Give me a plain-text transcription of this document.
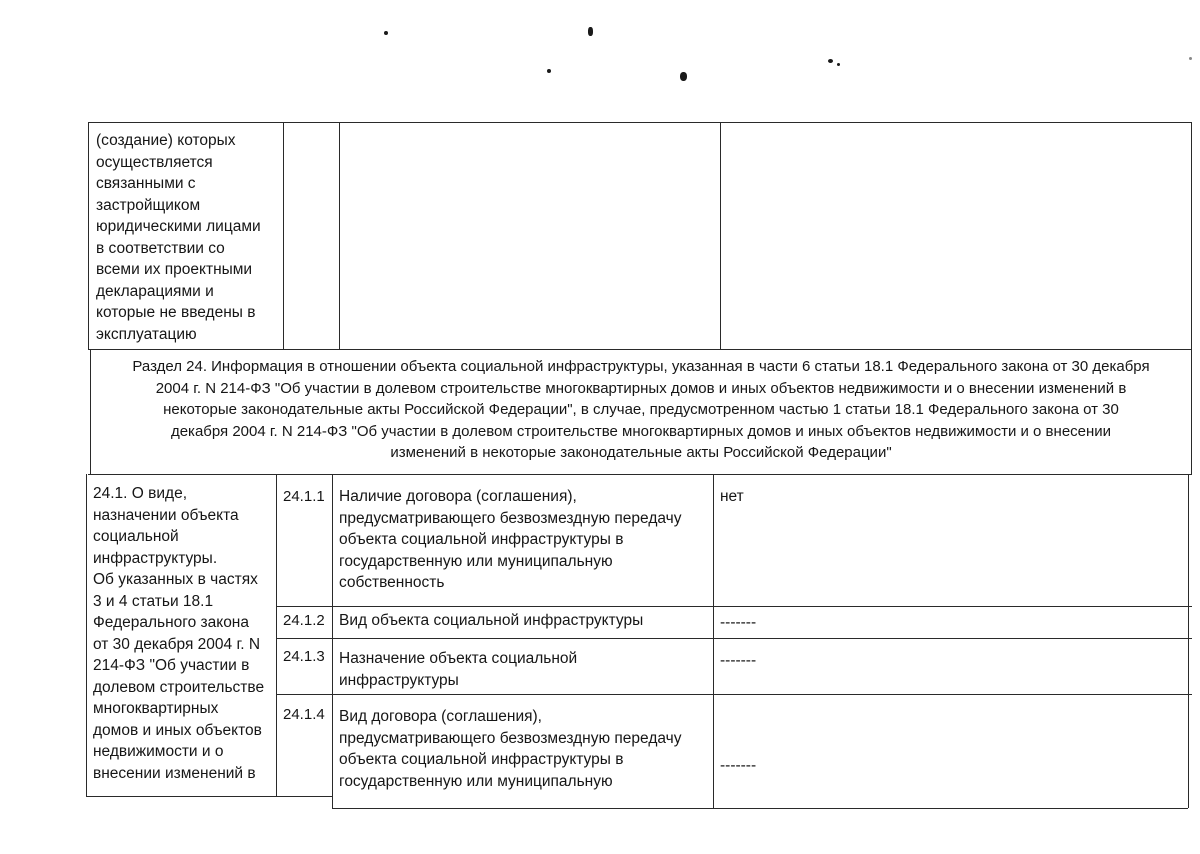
(создание) которых
осуществляется
связанными с
застройщиком
юридическими лицами
в соответствии со
всеми их проектными
декларациями и
которые не введены в
эксплуатацию
Раздел 24. Информация в отношении объекта социальной инфраструктуры, указанная в части 6 статьи 18.1 Федерального закона от 30 декабря
2004 г. N 214-ФЗ "Об участии в долевом строительстве многоквартирных домов и иных объектов недвижимости и о внесении изменений в
некоторые законодательные акты Российской Федерации", в случае, предусмотренном частью 1 статьи 18.1 Федерального закона от 30
декабря 2004 г. N 214-ФЗ "Об участии в долевом строительстве многоквартирных домов и иных объектов недвижимости и о внесении
изменений в некоторые законодательные акты Российской Федерации"
24.1. О виде,
назначении объекта
социальной
инфраструктуры.
Об указанных в частях
3 и 4 статьи 18.1
Федерального закона
от 30 декабря 2004 г. N
214-ФЗ "Об участии в
долевом строительстве
многоквартирных
домов и иных объектов
недвижимости и о
внесении изменений в
24.1.1 Наличие договора (соглашения),
предусматривающего безвозмездную передачу
объекта социальной инфраструктуры в
государственную или муниципальную
собственность
нет
24.1.2 Вид объекта социальной инфраструктуры	-------
24.1.3 Назначение объекта социальной
инфраструктуры
-------
24.1.4 Вид договора (соглашения),
предусматривающего безвозмездную передачу
объекта социальной инфраструктуры в
государственную или муниципальную
-------
